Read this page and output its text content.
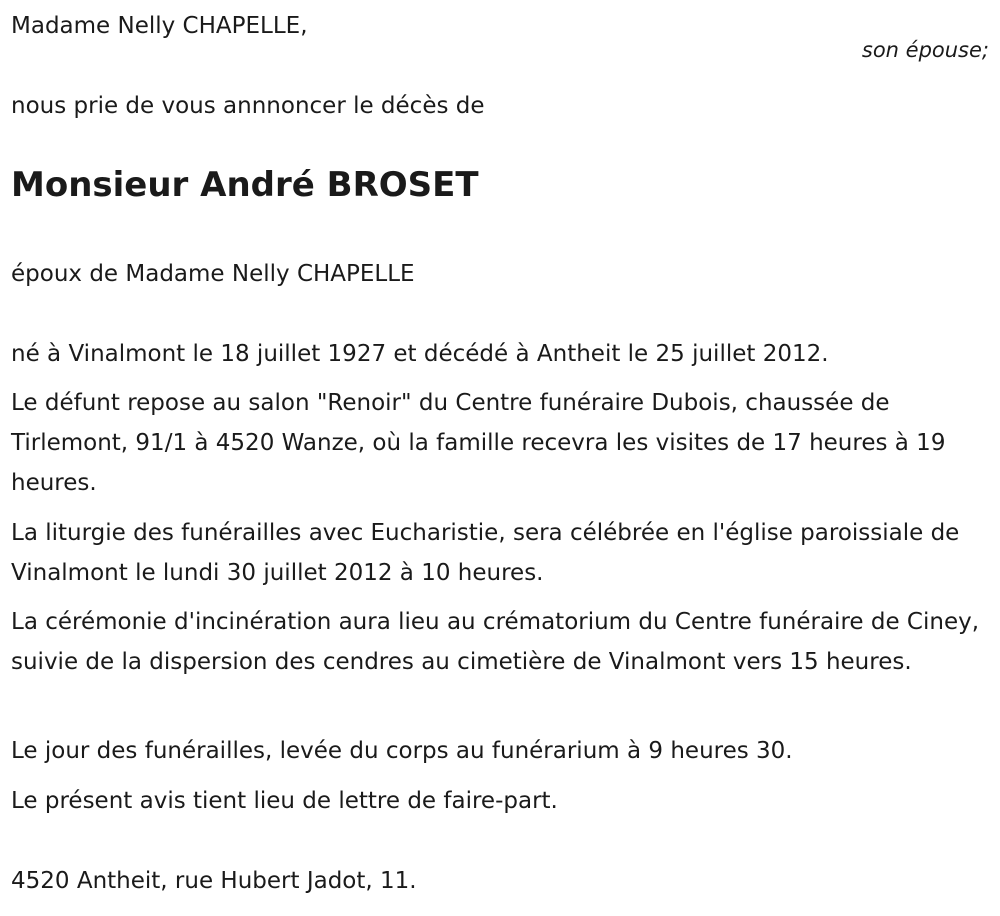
Madame Nelly CHAPELLE,

son épouse;

nous prie de vous annnoncer le décès de

Monsieur André BROSET

époux de Madame Nelly CHAPELLE

né à Vinalmont le 18 juillet 1927 et décédé à Antheit le 25 juillet 2012.

Le défunt repose au salon "Renoir" du Centre funéraire Dubois, chaussée de Tirlemont, 91/1 à 4520 Wanze, où la famille recevra les visites de 17 heures à 19 heures.

La liturgie des funérailles avec Eucharistie, sera célébrée en l'église paroissiale de Vinalmont le lundi 30 juillet 2012 à 10 heures.

La cérémonie d'incinération aura lieu au crématorium du Centre funéraire de Ciney, suivie de la dispersion des cendres au cimetière de Vinalmont vers 15 heures.

Le jour des funérailles, levée du corps au funérarium à 9 heures 30.

Le présent avis tient lieu de lettre de faire-part.

4520 Antheit, rue Hubert Jadot, 11.
